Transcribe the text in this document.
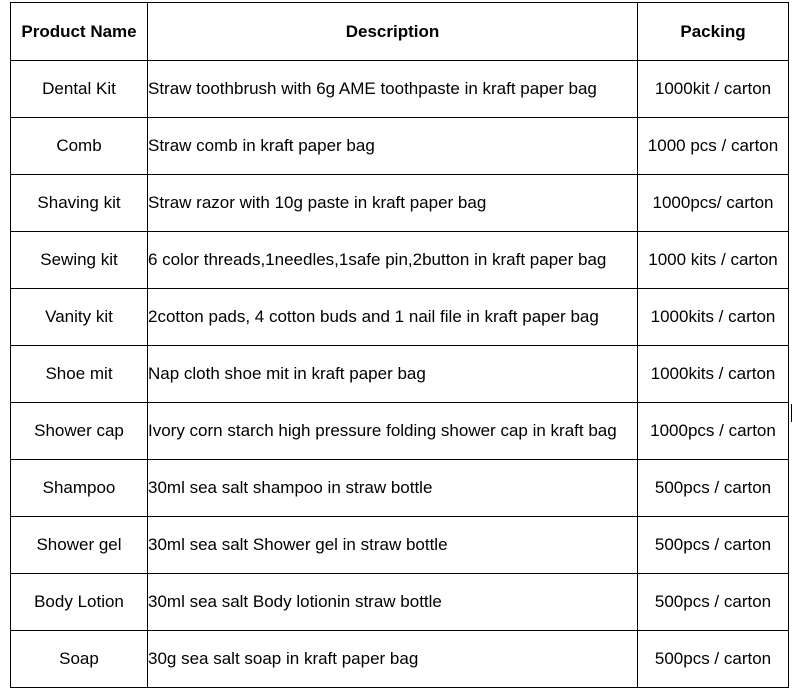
Product Name	Description	Packing
Dental Kit	Straw toothbrush with 6g AME toothpaste in kraft paper bag	1000kit / carton
Comb	Straw comb in kraft paper bag	1000 pcs / carton
Shaving kit	Straw razor with 10g paste in kraft paper bag	1000pcs/ carton
Sewing kit	6 color threads,1needles,1safe pin,2button in kraft paper bag	1000 kits / carton
Vanity kit	2cotton pads, 4 cotton buds and 1 nail file in kraft paper bag	1000kits / carton
Shoe mit	Nap cloth shoe mit in kraft paper bag	1000kits / carton
Shower cap	Ivory corn starch high pressure folding shower cap in kraft bag	1000pcs / carton
Shampoo	30ml sea salt shampoo in straw bottle	500pcs / carton
Shower gel	30ml sea salt Shower gel in straw bottle	500pcs / carton
Body Lotion	30ml sea salt Body lotionin straw bottle	500pcs / carton
Soap	30g sea salt soap in kraft paper bag	500pcs / carton
